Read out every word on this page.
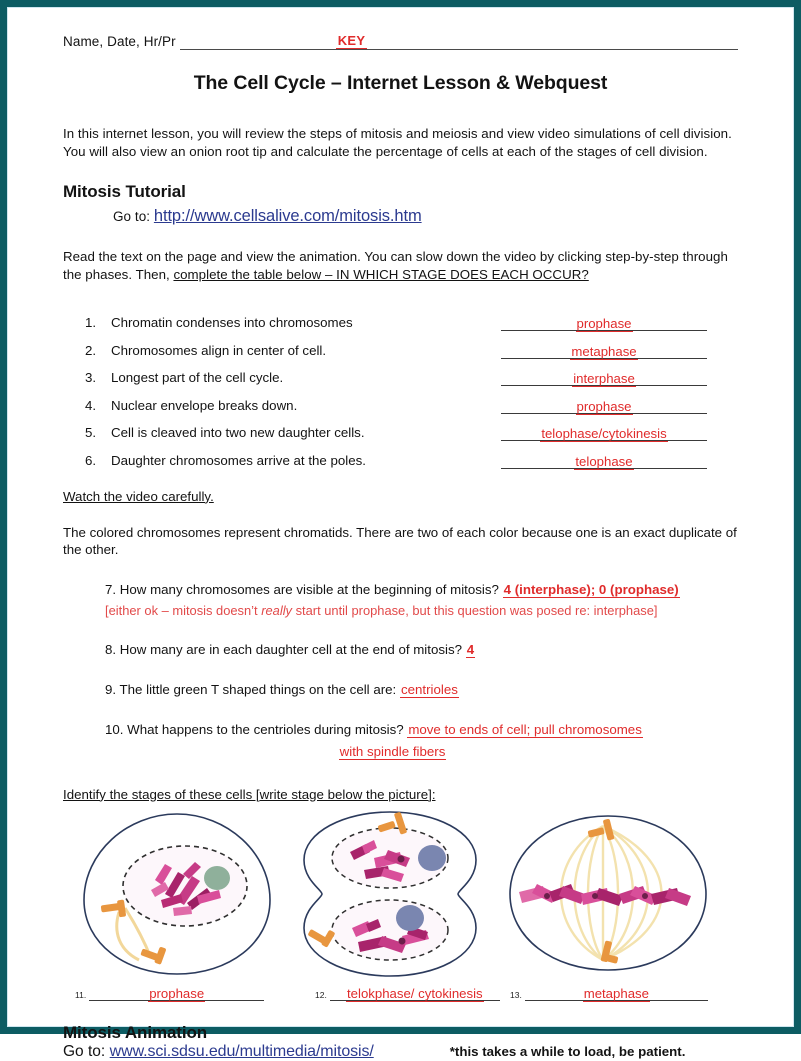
Name, Date, Hr/Pr	KEY
The Cell Cycle – Internet Lesson & Webquest

In this internet lesson, you will review the steps of mitosis and meiosis and view video simulations of cell division. You will also view an onion root tip and calculate the percentage of cells at each of the stages of cell division.

Mitosis Tutorial

Go to: http://www.cellsalive.com/mitosis.htm

Read the text on the page and view the animation. You can slow down the video by clicking step-by-step through the phases. Then, complete the table below – IN WHICH STAGE DOES EACH OCCUR?

1.	Chromatin condenses into chromosomes	prophase
2.	Chromosomes align in center of cell.	metaphase
3.	Longest part of the cell cycle.	interphase
4.	Nuclear envelope breaks down.	prophase
5.	Cell is cleaved into two new daughter cells.	telophase/cytokinesis
6.	Daughter chromosomes arrive at the poles.	telophase
Watch the video carefully.

The colored chromosomes represent chromatids. There are two of each color because one is an exact duplicate of the other.

7. How many chromosomes are visible at the beginning of mitosis? 4 (interphase); 0 (prophase)
[either ok – mitosis doesn’t really start until prophase, but this question was posed re: interphase]
8. How many are in each daughter cell at the end of mitosis? 4
9. The little green T shaped things on the cell are: centrioles
10. What happens to the centrioles during mitosis? move to ends of cell; pull chromosomes
with spindle fibers
Identify the stages of these cells [write stage below the picture]:
11.	prophase	12.	telokphase/ cytokinesis	13.	metaphase
Mitosis Animation
Go to:
www.sci.sdsu.edu/multimedia/mitosis/	*this takes a while to load, be patient.
